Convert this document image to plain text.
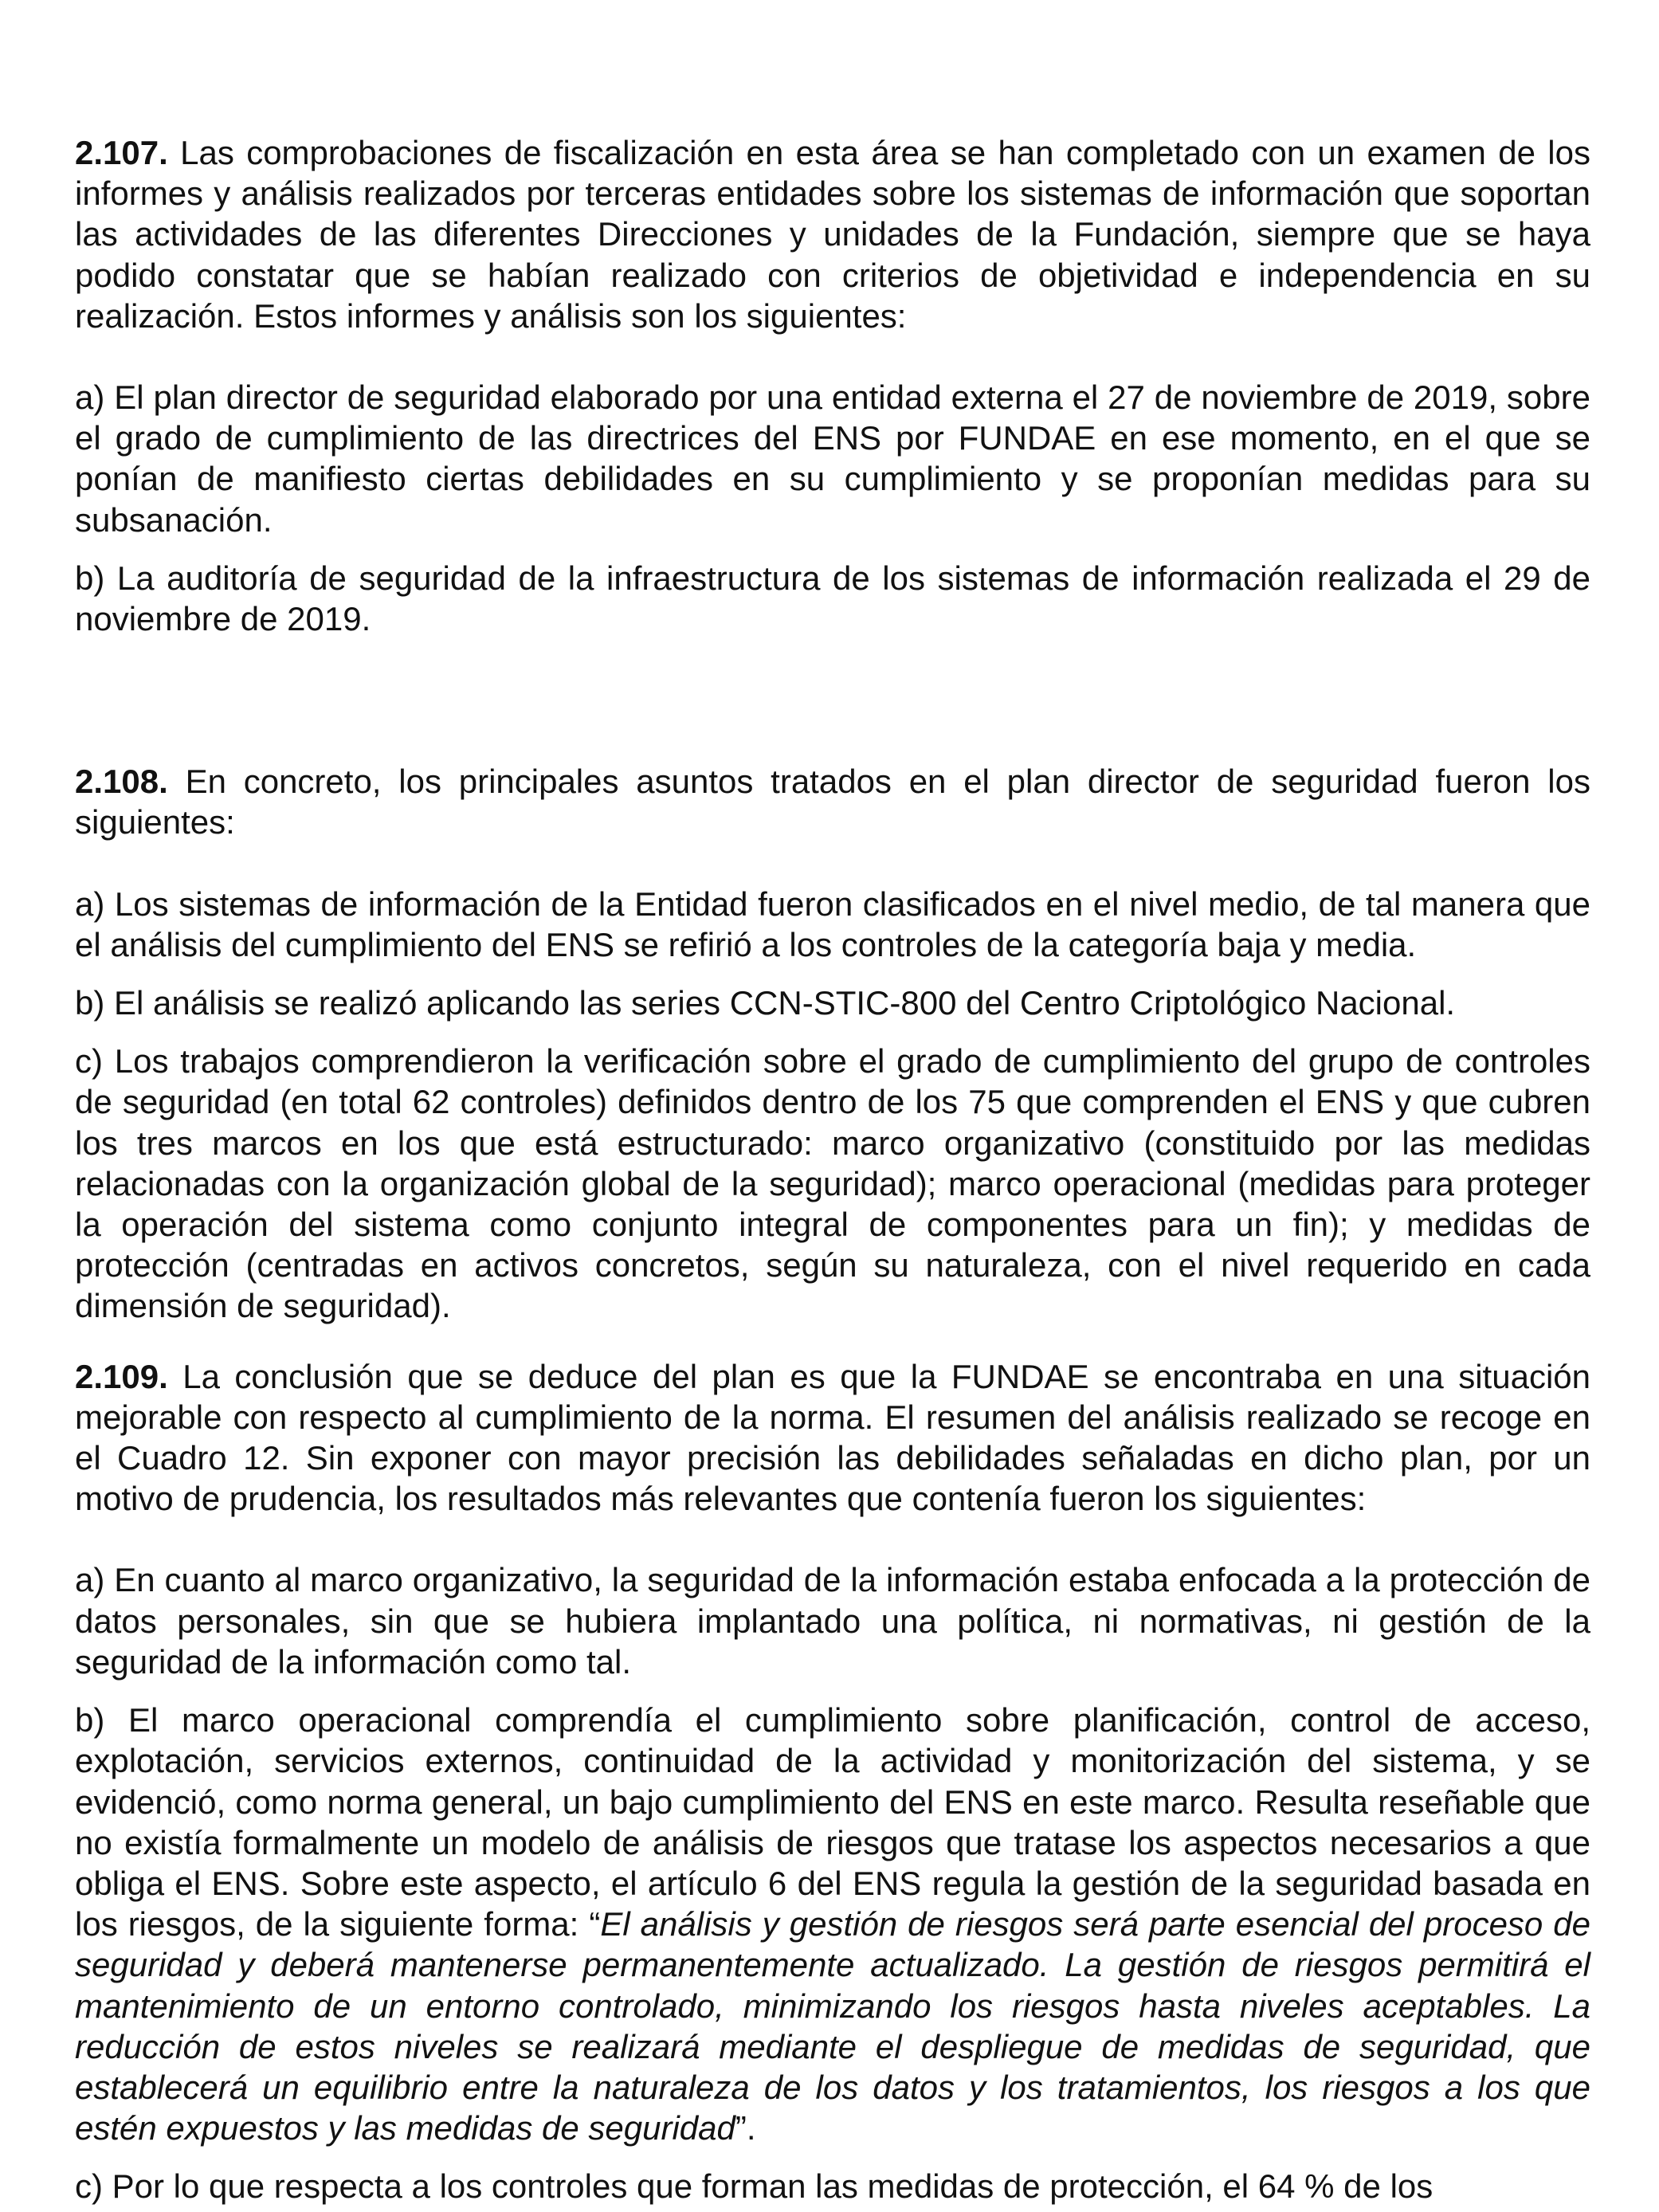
2.107. Las comprobaciones de fiscalización en esta área se han completado con un examen de los informes y análisis realizados por terceras entidades sobre los sistemas de información que soportan las actividades de las diferentes Direcciones y unidades de la Fundación, siempre que se haya podido constatar que se habían realizado con criterios de objetividad e independencia en su realización. Estos informes y análisis son los siguientes:

a) El plan director de seguridad elaborado por una entidad externa el 27 de noviembre de 2019, sobre el grado de cumplimiento de las directrices del ENS por FUNDAE en ese momento, en el que se ponían de manifiesto ciertas debilidades en su cumplimiento y se proponían medidas para su subsanación.

b) La auditoría de seguridad de la infraestructura de los sistemas de información realizada el 29 de noviembre de 2019.

2.108. En concreto, los principales asuntos tratados en el plan director de seguridad fueron los siguientes:

a) Los sistemas de información de la Entidad fueron clasificados en el nivel medio, de tal manera que el análisis del cumplimiento del ENS se refirió a los controles de la categoría baja y media.

b) El análisis se realizó aplicando las series CCN-STIC-800 del Centro Criptológico Nacional.

c) Los trabajos comprendieron la verificación sobre el grado de cumplimiento del grupo de controles de seguridad (en total 62 controles) definidos dentro de los 75 que comprenden el ENS y que cubren los tres marcos en los que está estructurado: marco organizativo (constituido por las medidas relacionadas con la organización global de la seguridad); marco operacional (medidas para proteger la operación del sistema como conjunto integral de componentes para un fin); y medidas de protección (centradas en activos concretos, según su naturaleza, con el nivel requerido en cada dimensión de seguridad).

2.109. La conclusión que se deduce del plan es que la FUNDAE se encontraba en una situación mejorable con respecto al cumplimiento de la norma. El resumen del análisis realizado se recoge en el Cuadro 12. Sin exponer con mayor precisión las debilidades señaladas en dicho plan, por un motivo de prudencia, los resultados más relevantes que contenía fueron los siguientes:

a) En cuanto al marco organizativo, la seguridad de la información estaba enfocada a la protección de datos personales, sin que se hubiera implantado una política, ni normativas, ni gestión de la seguridad de la información como tal.

b) El marco operacional comprendía el cumplimiento sobre planificación, control de acceso, explotación, servicios externos, continuidad de la actividad y monitorización del sistema, y se evidenció, como norma general, un bajo cumplimiento del ENS en este marco. Resulta reseñable que no existía formalmente un modelo de análisis de riesgos que tratase los aspectos necesarios a que obliga el ENS. Sobre este aspecto, el artículo 6 del ENS regula la gestión de la seguridad basada en los riesgos, de la siguiente forma: “El análisis y gestión de riesgos será parte esencial del proceso de seguridad y deberá mantenerse permanentemente actualizado. La gestión de riesgos permitirá el mantenimiento de un entorno controlado, minimizando los riesgos hasta niveles aceptables. La reducción de estos niveles se realizará mediante el despliegue de medidas de seguridad, que establecerá un equilibrio entre la naturaleza de los datos y los tratamientos, los riesgos a los que estén expuestos y las medidas de seguridad”.

c) Por lo que respecta a los controles que forman las medidas de protección, el 64 % de los
